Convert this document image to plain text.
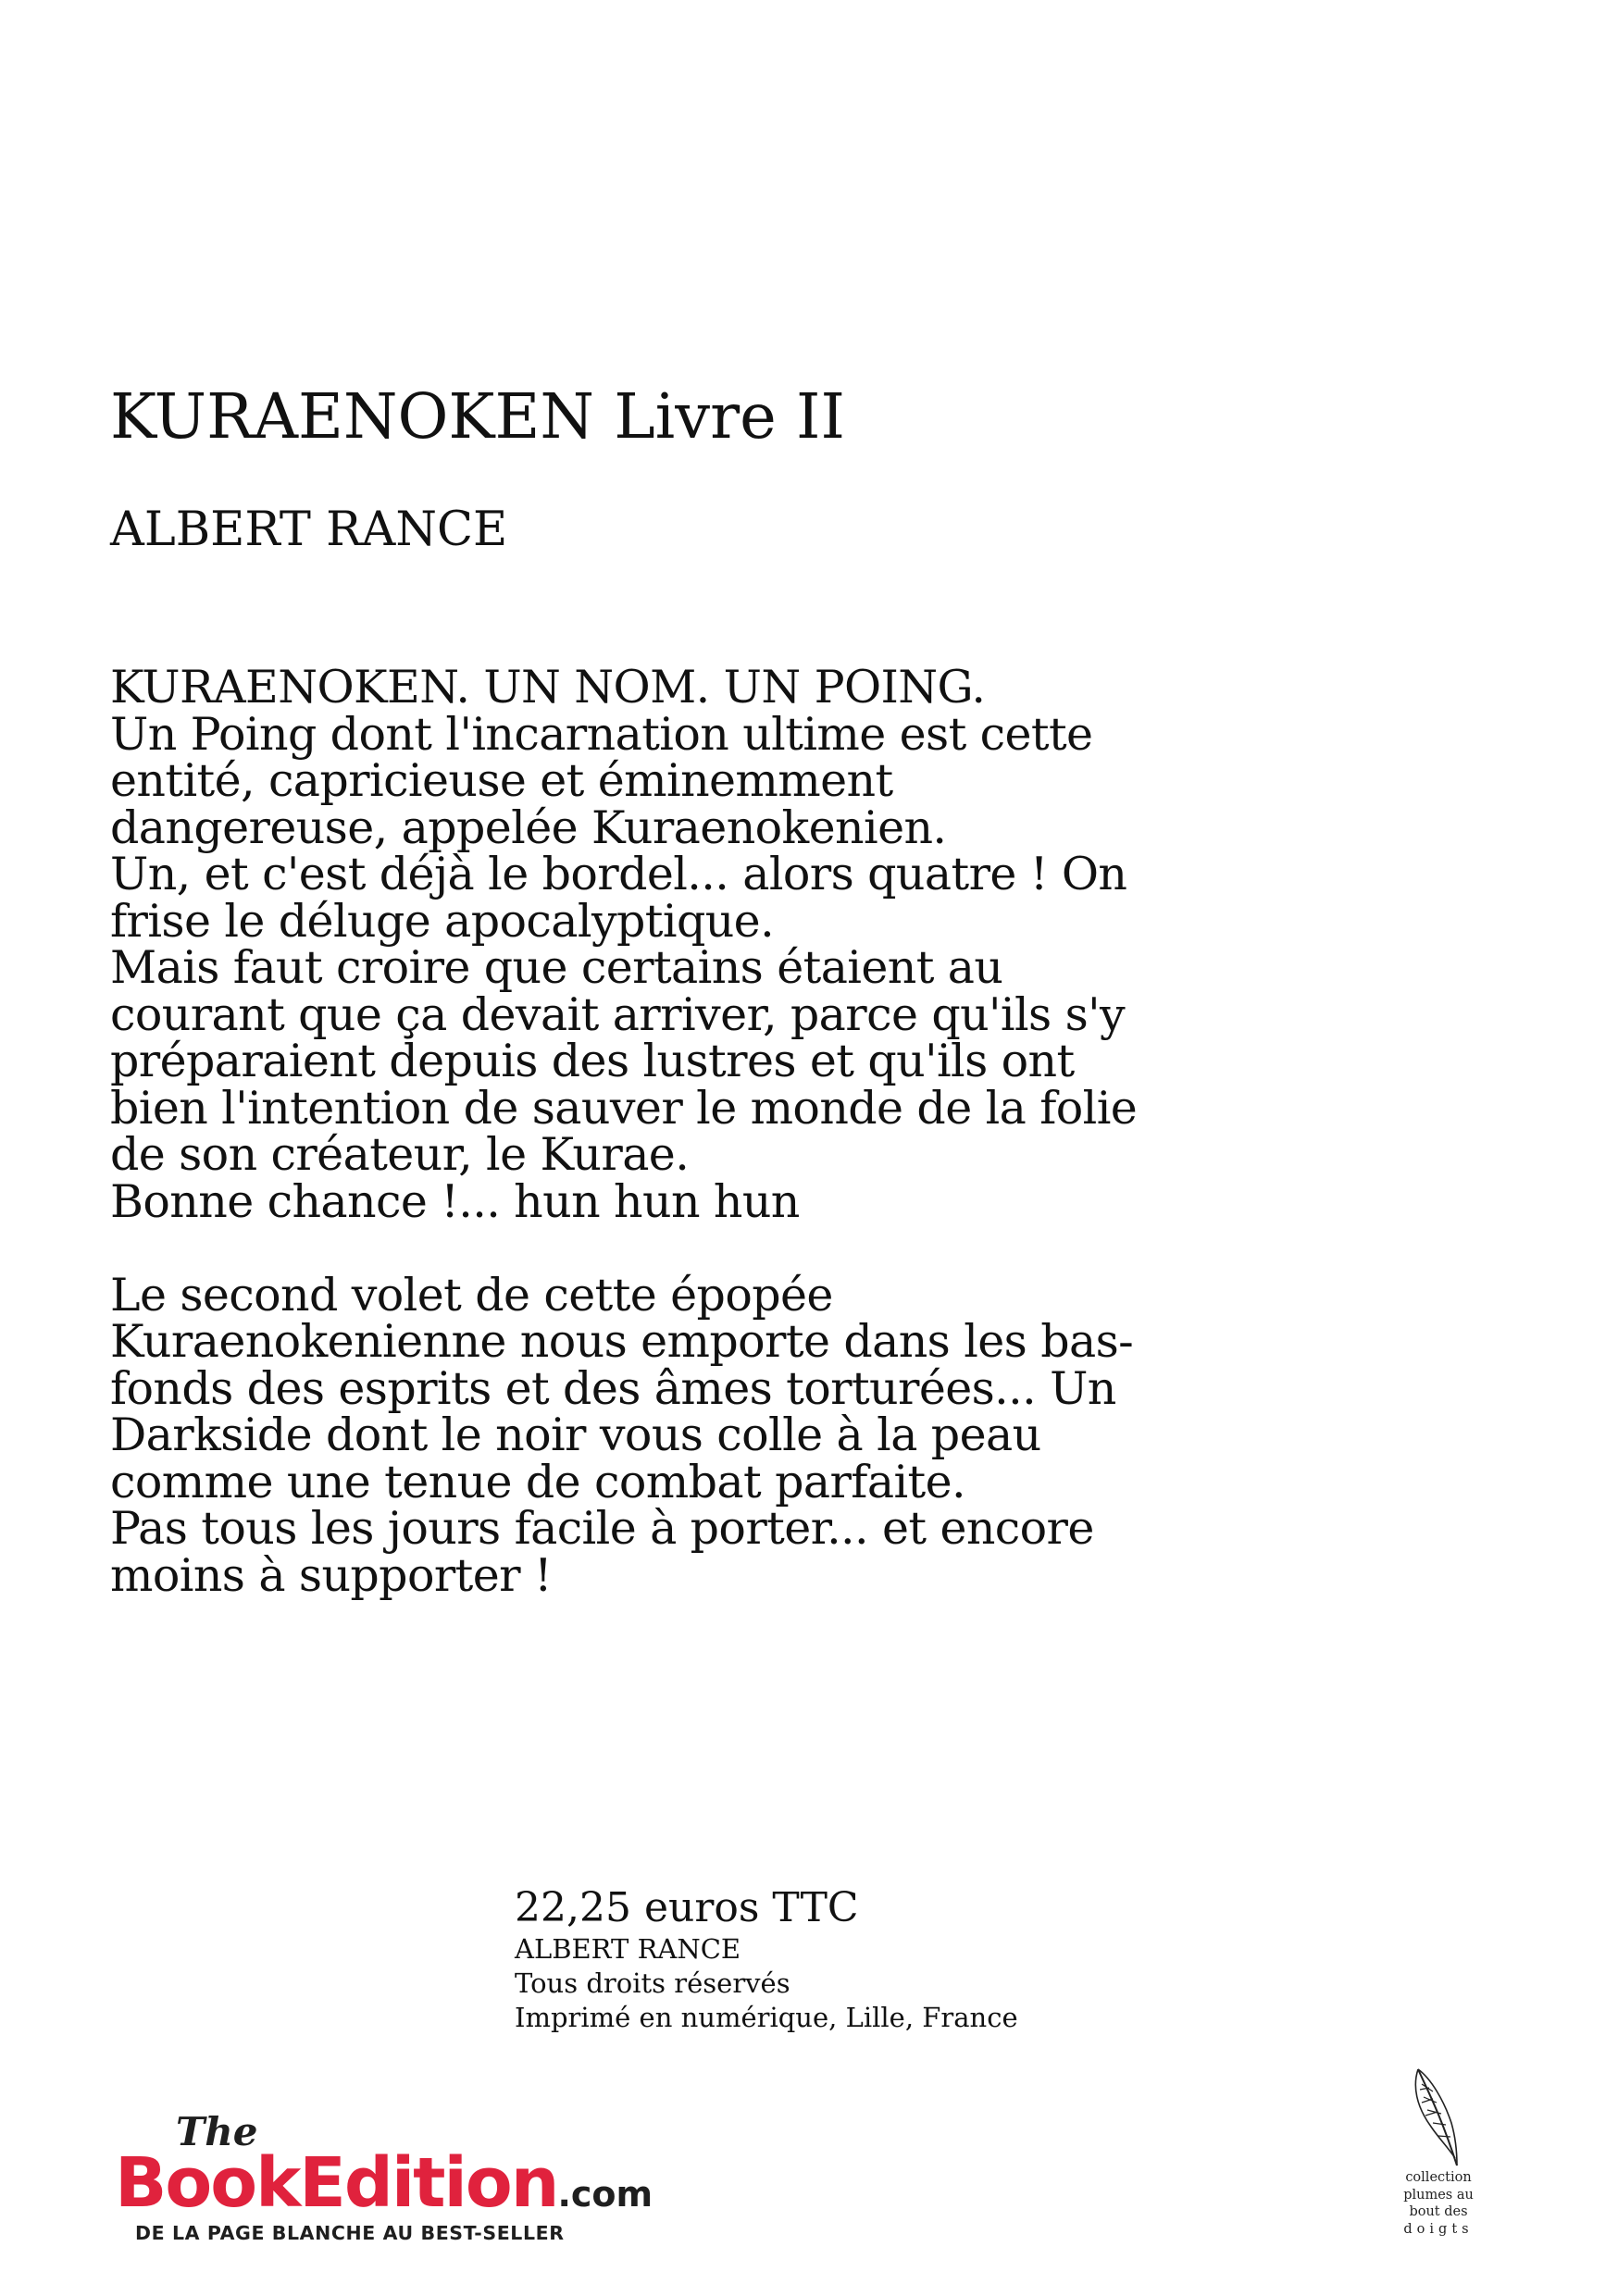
KURAENOKEN Livre II
ALBERT RANCE
KURAENOKEN. UN NOM. UN POING.
Un Poing dont l'incarnation ultime est cette
entité, capricieuse et éminemment
dangereuse, appelée Kuraenokenien.
Un, et c'est déjà le bordel... alors quatre ! On
frise le déluge apocalyptique.
Mais faut croire que certains étaient au
courant que ça devait arriver, parce qu'ils s'y
préparaient depuis des lustres et qu'ils ont
bien l'intention de sauver le monde de la folie
de son créateur, le Kurae.
Bonne chance !... hun hun hun
Le second volet de cette épopée
Kuraenokenienne nous emporte dans les bas-
fonds des esprits et des âmes torturées... Un
Darkside dont le noir vous colle à la peau
comme une tenue de combat parfaite.
Pas tous les jours facile à porter... et encore
moins à supporter !
22,25 euros TTC
ALBERT RANCE
Tous droits réservés
Imprimé en numérique, Lille, France
The
BookEdition.com
DE LA PAGE BLANCHE AU BEST-SELLER
collection
plumes au
bout des
doigts
